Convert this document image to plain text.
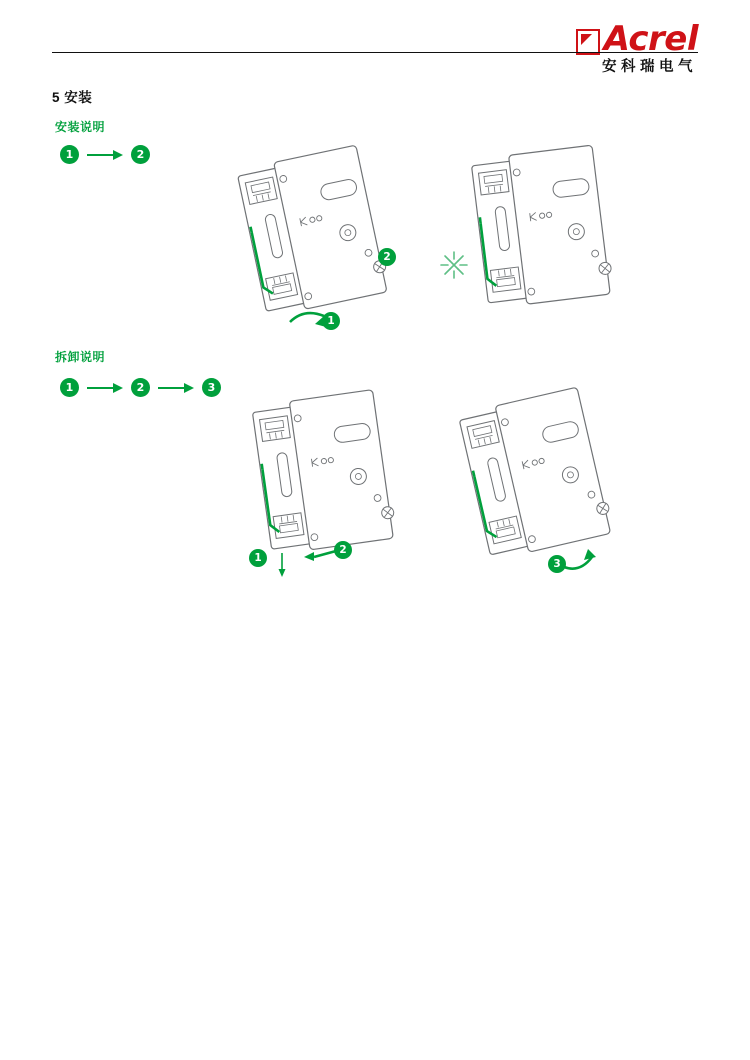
Acrel
安科瑞电气
5 安装
安装说明
1	2
2
1
拆卸说明
1	2	3
1
2
3
